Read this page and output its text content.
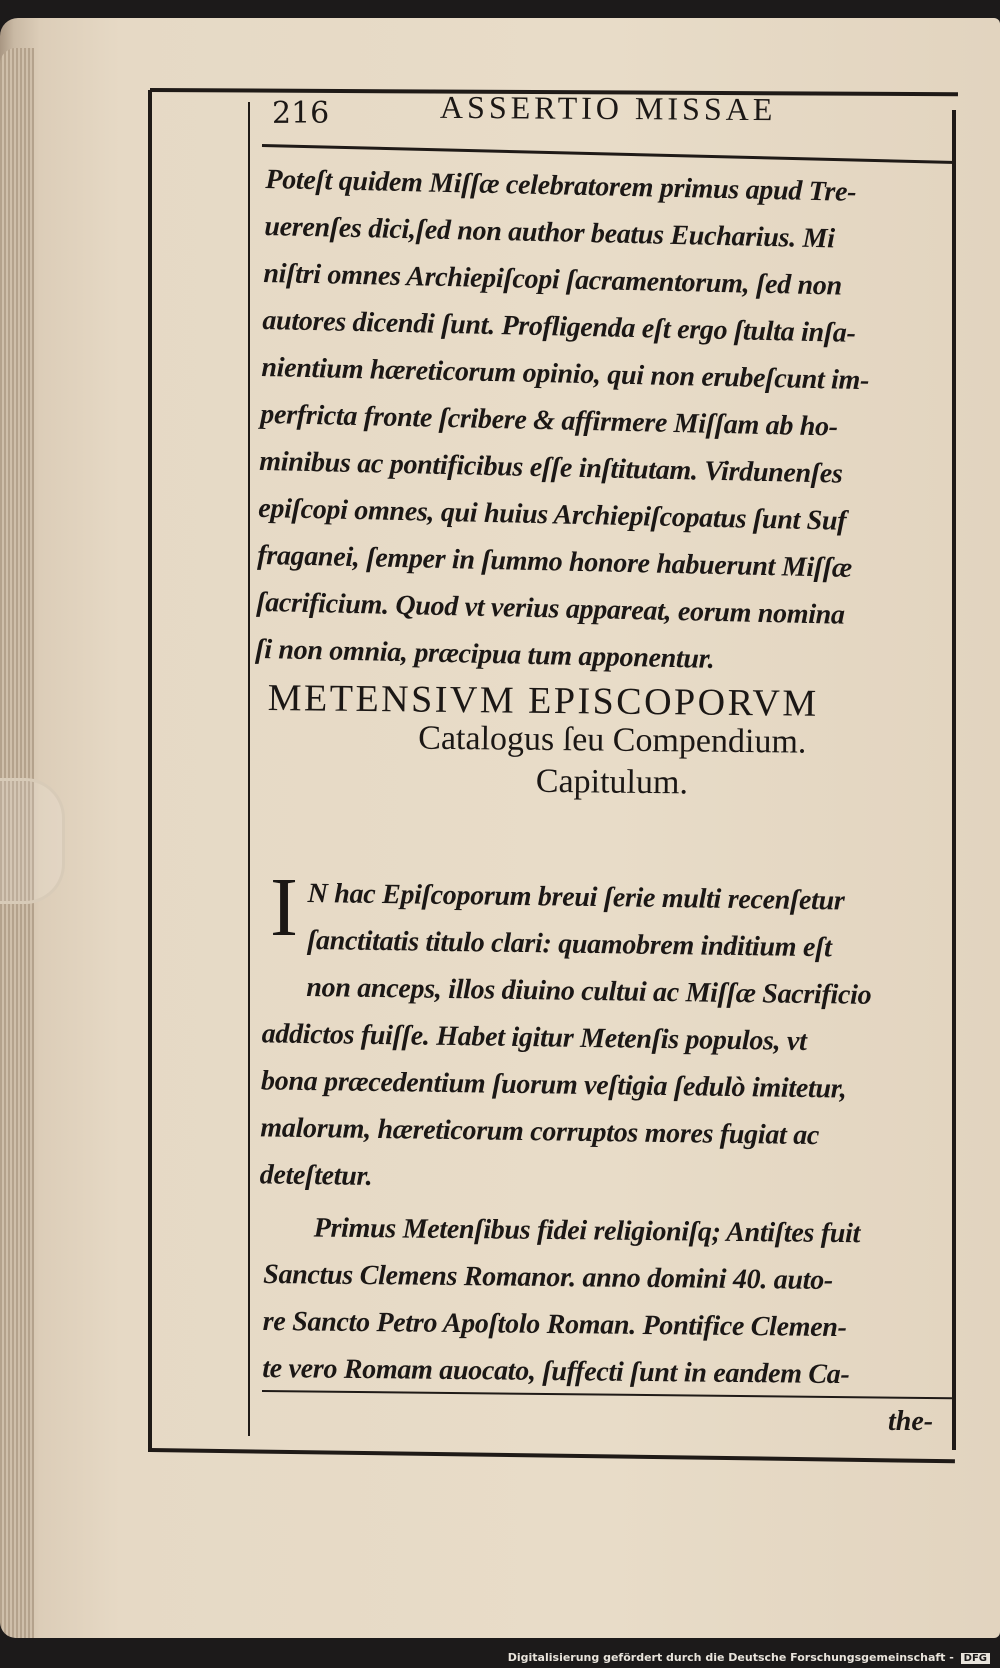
216	ASSERTIO MISSAE
Poteſt quidem Miſſæ celebratorem primus apud Tre-
uerenſes dici,ſed non author beatus Eucharius. Mi
niſtri omnes Archiepiſcopi ſacramentorum, ſed non
autores dicendi ſunt. Profligenda eſt ergo ſtulta inſa-
nientium hæreticorum opinio, qui non erubeſcunt im-
perfricta fronte ſcribere & affirmere Miſſam ab ho-
minibus ac pontificibus eſſe inſtitutam. Virdunenſes
epiſcopi omnes, qui huius Archiepiſcopatus ſunt Suf
fraganei, ſemper in ſummo honore habuerunt Miſſæ
ſacrificium. Quod vt verius appareat, eorum nomina
ſi non omnia, præcipua tum apponentur.
METENSIVM EPISCOPORVM
Catalogus ſeu Compendium.
Capitulum.
I N hac Epiſcoporum breui ſerie multi recenſetur
ſanctitatis titulo clari: quamobrem inditium eſt
non anceps, illos diuino cultui ac Miſſæ Sacrificio
addictos fuiſſe. Habet igitur Metenſis populos, vt
bona præcedentium ſuorum veſtigia ſedulò imitetur,
malorum, hæreticorum corruptos mores fugiat ac
deteſtetur.
Primus Metenſibus fidei religioniſq; Antiſtes fuit
Sanctus Clemens Romanor. anno domini 40. auto-
re Sancto Petro Apoſtolo Roman. Pontifice Clemen-
te vero Romam auocato, ſuffecti ſunt in eandem Ca-
the-
Digitalisierung gefördert durch die Deutsche Forschungsgemeinschaft - DFG
